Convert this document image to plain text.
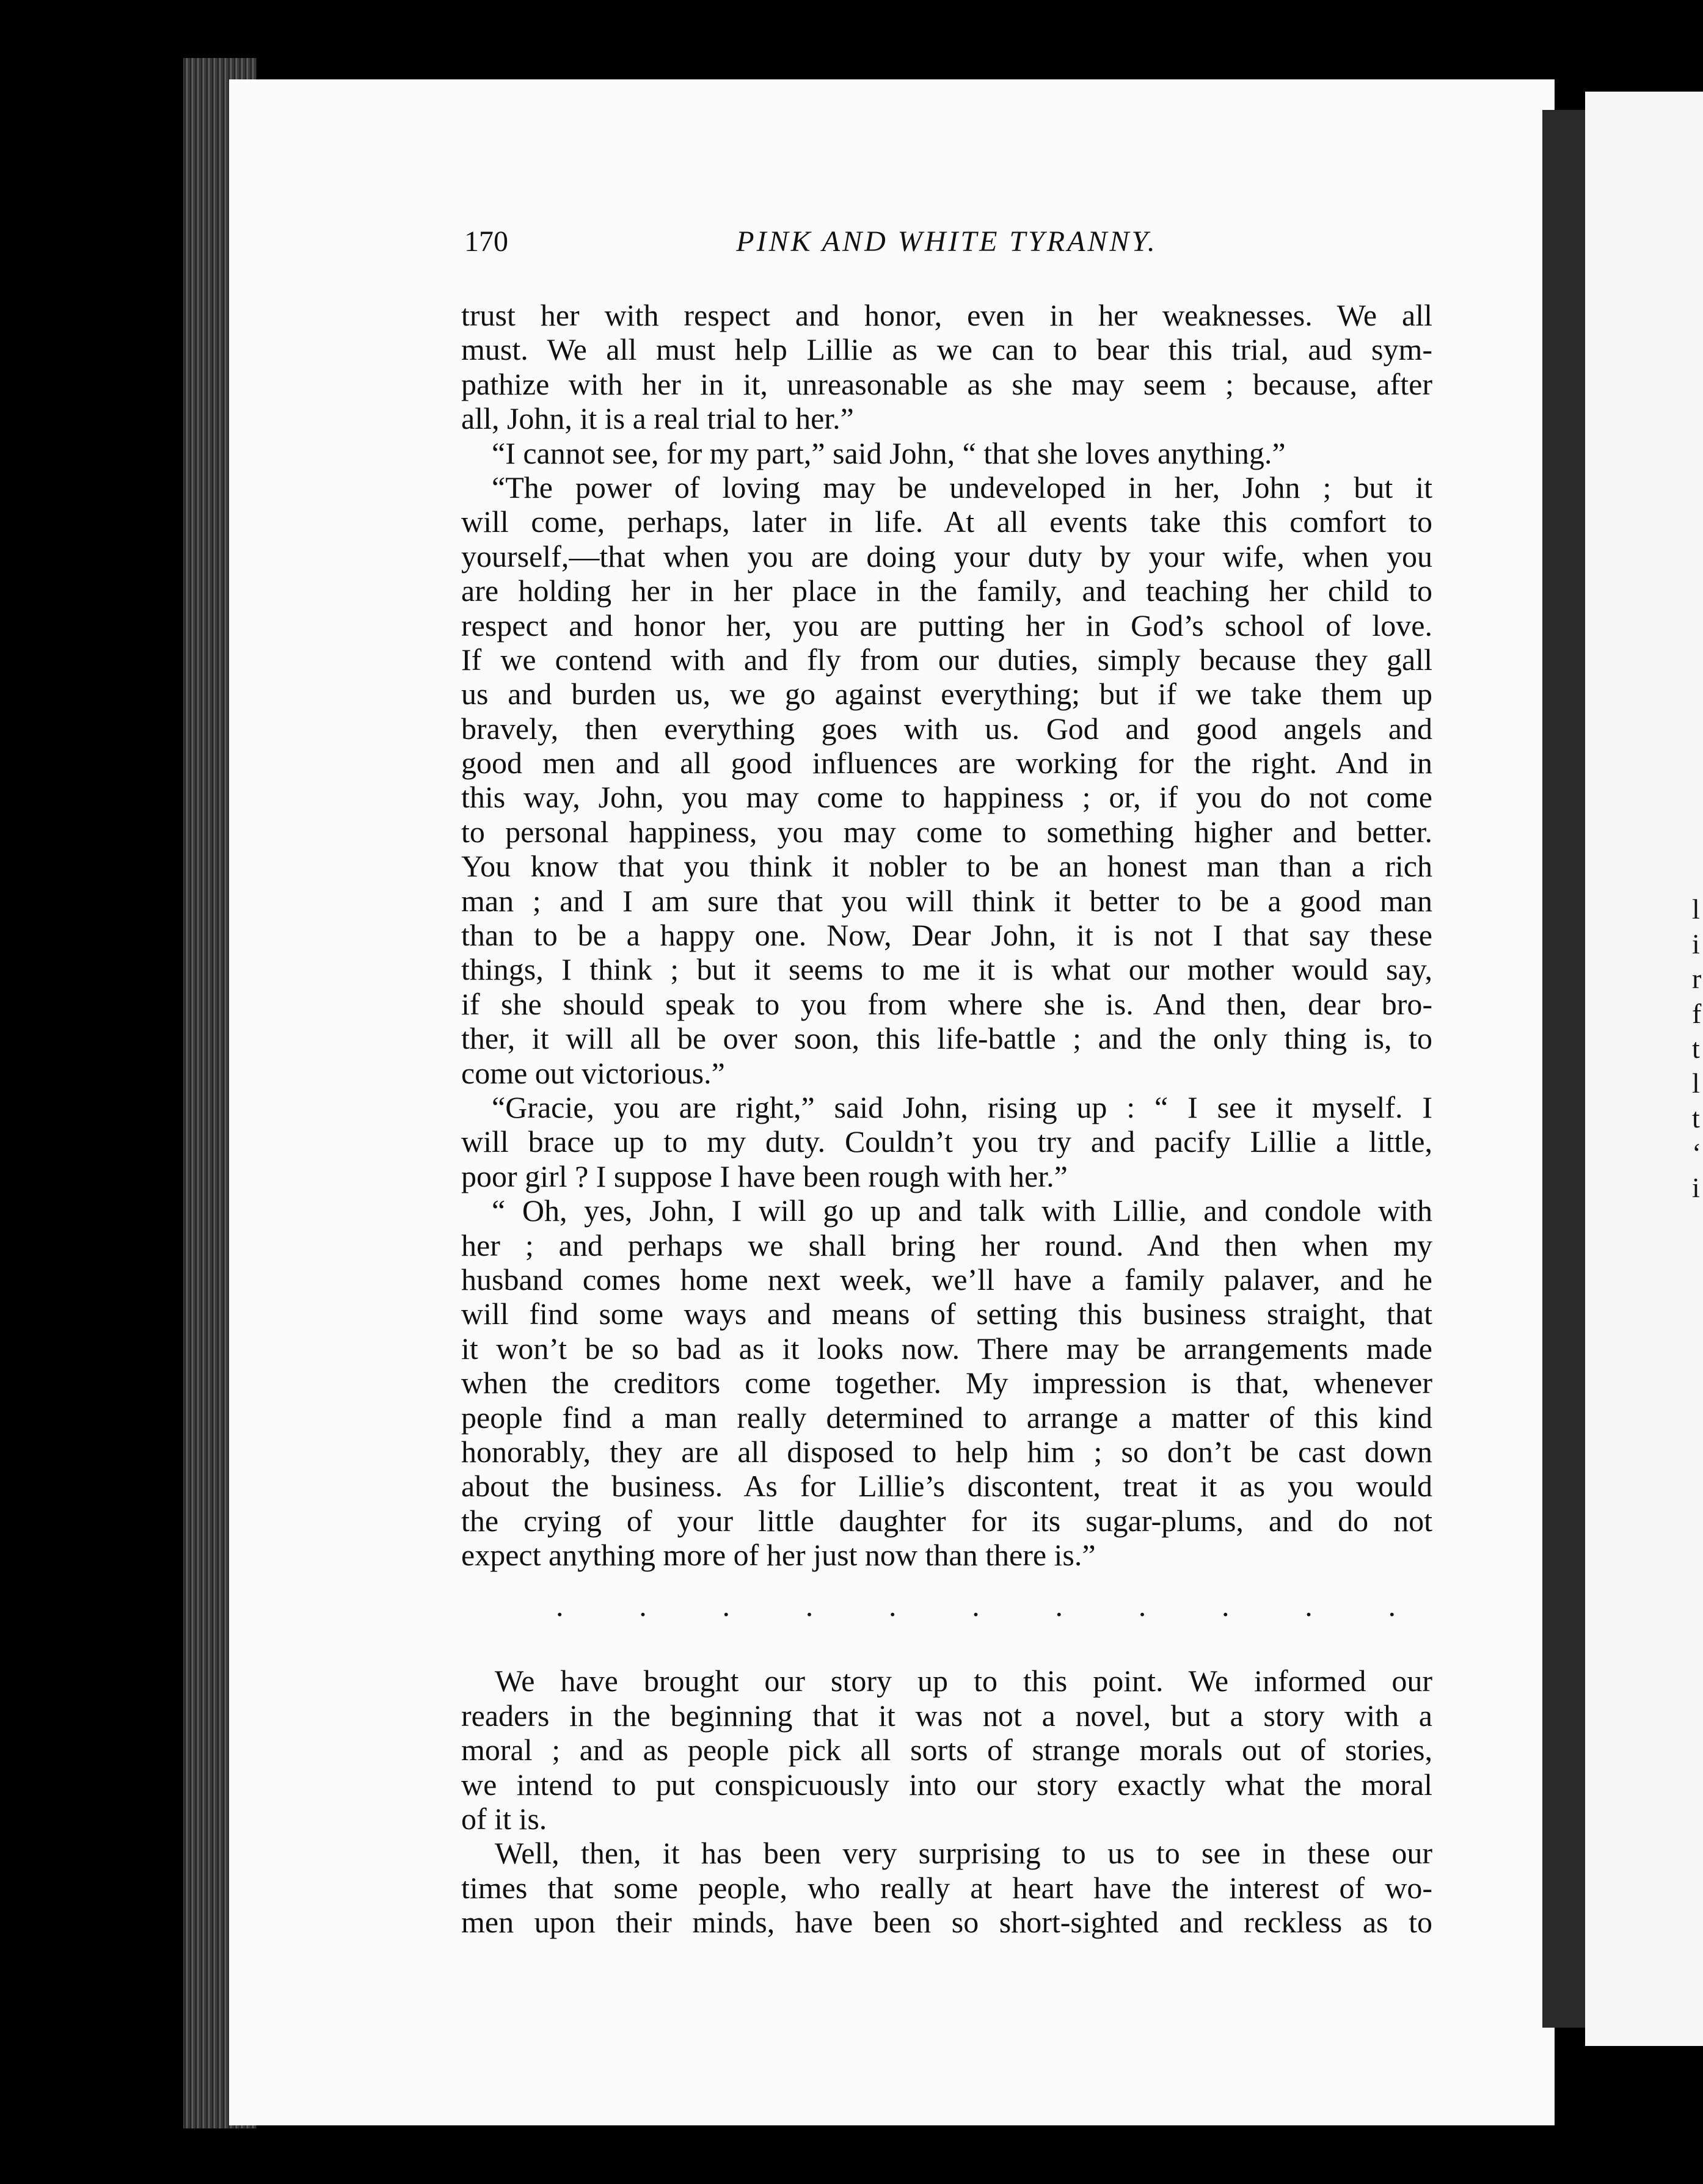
l
i
r
f
t
l
t
‘
i
170	PINK AND WHITE TYRANNY.
trust her with respect and honor, even in her weaknesses. We all
must. We all must help Lillie as we can to bear this trial, aud sym-
pathize with her in it, unreasonable as she may seem ; because, after
all, John, it is a real trial to her.”
“I cannot see, for my part,” said John, “ that she loves anything.”
“The power of loving may be undeveloped in her, John ; but it
will come, perhaps, later in life. At all events take this comfort to
yourself,—that when you are doing your duty by your wife, when you
are holding her in her place in the family, and teaching her child to
respect and honor her, you are putting her in God’s school of love.
If we contend with and fly from our duties, simply because they gall
us and burden us, we go against everything; but if we take them up
bravely, then everything goes with us. God and good angels and
good men and all good influences are working for the right. And in
this way, John, you may come to happiness ; or, if you do not come
to personal happiness, you may come to something higher and better.
You know that you think it nobler to be an honest man than a rich
man ; and I am sure that you will think it better to be a good man
than to be a happy one. Now, Dear John, it is not I that say these
things, I think ; but it seems to me it is what our mother would say,
if she should speak to you from where she is. And then, dear bro-
ther, it will all be over soon, this life-battle ; and the only thing is, to
come out victorious.”
“Gracie, you are right,” said John, rising up : “ I see it myself. I
will brace up to my duty. Couldn’t you try and pacify Lillie a little,
poor girl ? I suppose I have been rough with her.”
“ Oh, yes, John, I will go up and talk with Lillie, and condole with
her ; and perhaps we shall bring her round. And then when my
husband comes home next week, we’ll have a family palaver, and he
will find some ways and means of setting this business straight, that
it won’t be so bad as it looks now. There may be arrangements made
when the creditors come together. My impression is that, whenever
people find a man really determined to arrange a matter of this kind
honorably, they are all disposed to help him ; so don’t be cast down
about the business. As for Lillie’s discontent, treat it as you would
the crying of your little daughter for its sugar-plums, and do not
expect anything more of her just now than there is.”
. . . . . . . . . . .
We have brought our story up to this point. We informed our
readers in the beginning that it was not a novel, but a story with a
moral ; and as people pick all sorts of strange morals out of stories,
we intend to put conspicuously into our story exactly what the moral
of it is.
Well, then, it has been very surprising to us to see in these our
times that some people, who really at heart have the interest of wo-
men upon their minds, have been so short-sighted and reckless as to
